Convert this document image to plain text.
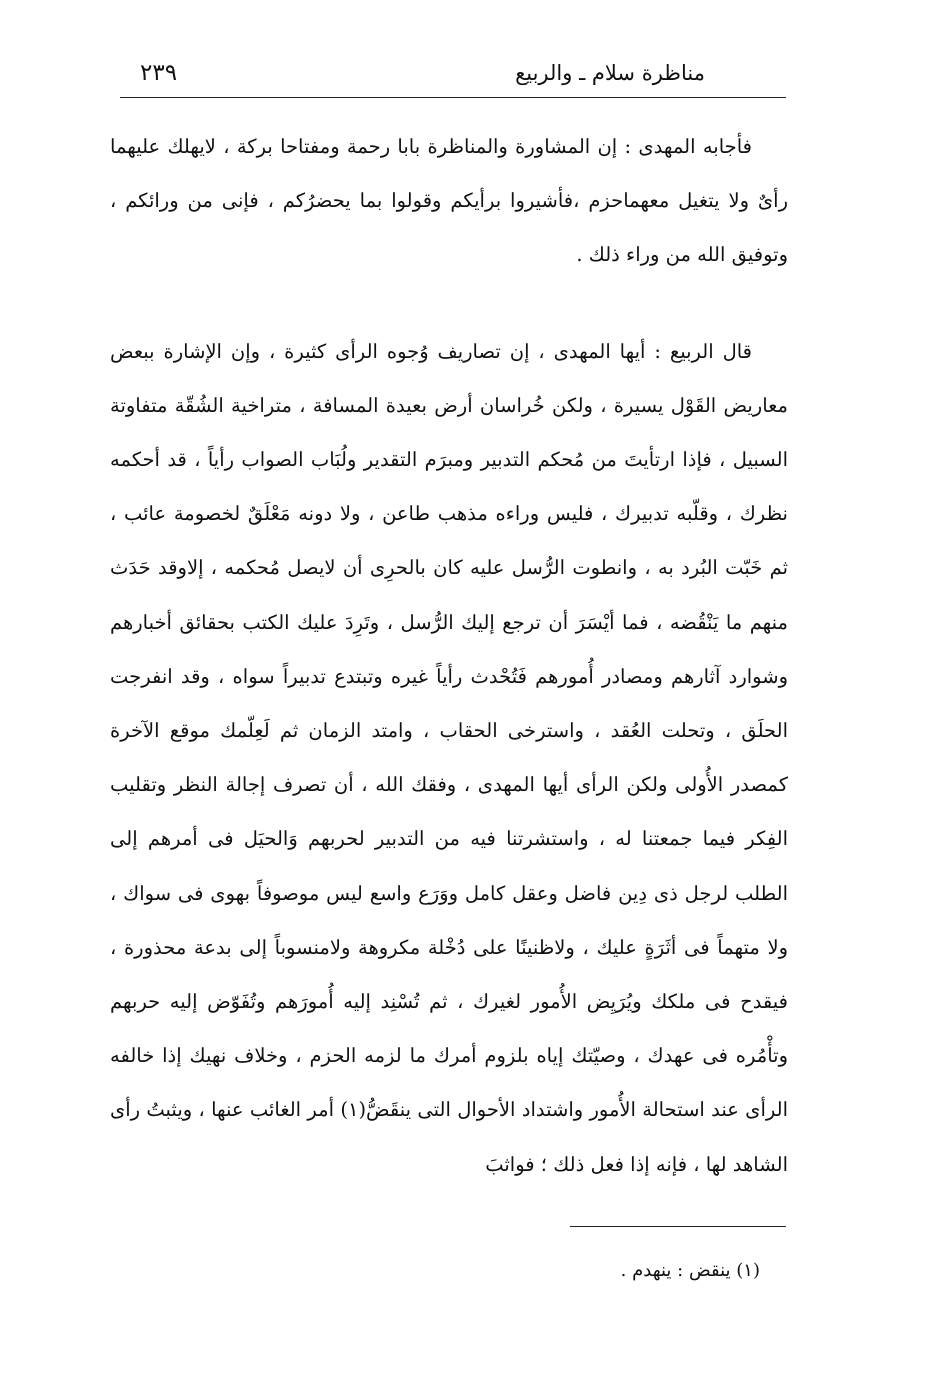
مناظرة سلام ـ والربيع
٢٣٩

فأجابه المهدى : إن المشاورة والمناظرة بابا رحمة ومفتاحا بركة ، لايهلك عليهما رأىٌ ولا يتغيل معهماحزم ،فأشيروا برأيكم وقولوا بما يحضرُكم ، فإنى من ورائكم ، وتوفيق الله من وراء ذلك .

قال الربيع : أيها المهدى ، إن تصاريف وُجوه الرأى كثيرة ، وإن الإشارة ببعض معاريض القَوْل يسيرة ، ولكن خُراسان أرض بعيدة المسافة ، متراخية الشُقّة متفاوتة السبيل ، فإذا ارتأيتَ من مُحكم التدبير ومبرَم التقدير ولُبَاب الصواب رأياً ، قد أحكمه نظرك ، وقلّبه تدبيرك ، فليس وراءه مذهب طاعن ، ولا دونه مَعْلَقٌ لخصومة عائب ، ثم خَبّت البُرد به ، وانطوت الرُّسل عليه كان بالحرِى أن لايصل مُحكمه ، إلاوقد حَدَث منهم ما يَنْقُضه ، فما أيْسَرَ أن ترجع إليك الرُّسل ، وتَرِدَ عليك الكتب بحقائق أخبارهم وشوارد آثارهم ومصادر أُمورهم فَتُحْدث رأياً غيره وتبتدع تدبيراً سواه ، وقد انفرجت الحلَق ، وتحلت العُقد ، واسترخى الحقاب ، وامتد الزمان ثم لَعِلّمك موقع الآخرة كمصدر الأُولى ولكن الرأى أيها المهدى ، وفقك الله ، أن تصرف إجالة النظر وتقليب الفِكر فيما جمعتنا له ، واستشرتنا فيه من التدبير لحربهم وَالحيَل فى أمرهم إلى الطلب لرجل ذى دِين فاضل وعقل كامل ووَرَع واسع ليس موصوفاً بهوى فى سواك ، ولا متهماً فى أثَرَةٍ عليك ، ولاظنينًا على دُخْلة مكروهة ولامنسوباً إلى بدعة محذورة ، فيقدح فى ملكك ويُرَيِض الأُمور لغيرك ، ثم تُسْنِد إليه أُمورَهم وتُفَوّض إليه حربهم وتأْمُره فى عهدك ، وصيّتك إياه بلزوم أمرك ما لزمه الحزم ، وخلاف نهيك إذا خالفه الرأى عند استحالة الأُمور واشتداد الأحوال التى ينقَضُّ(١) أمر الغائب عنها ، ويثبتُ رأى الشاهد لها ، فإنه إذا فعل ذلك ؛ فواثبَ

(١) ينقض : ينهدم .
